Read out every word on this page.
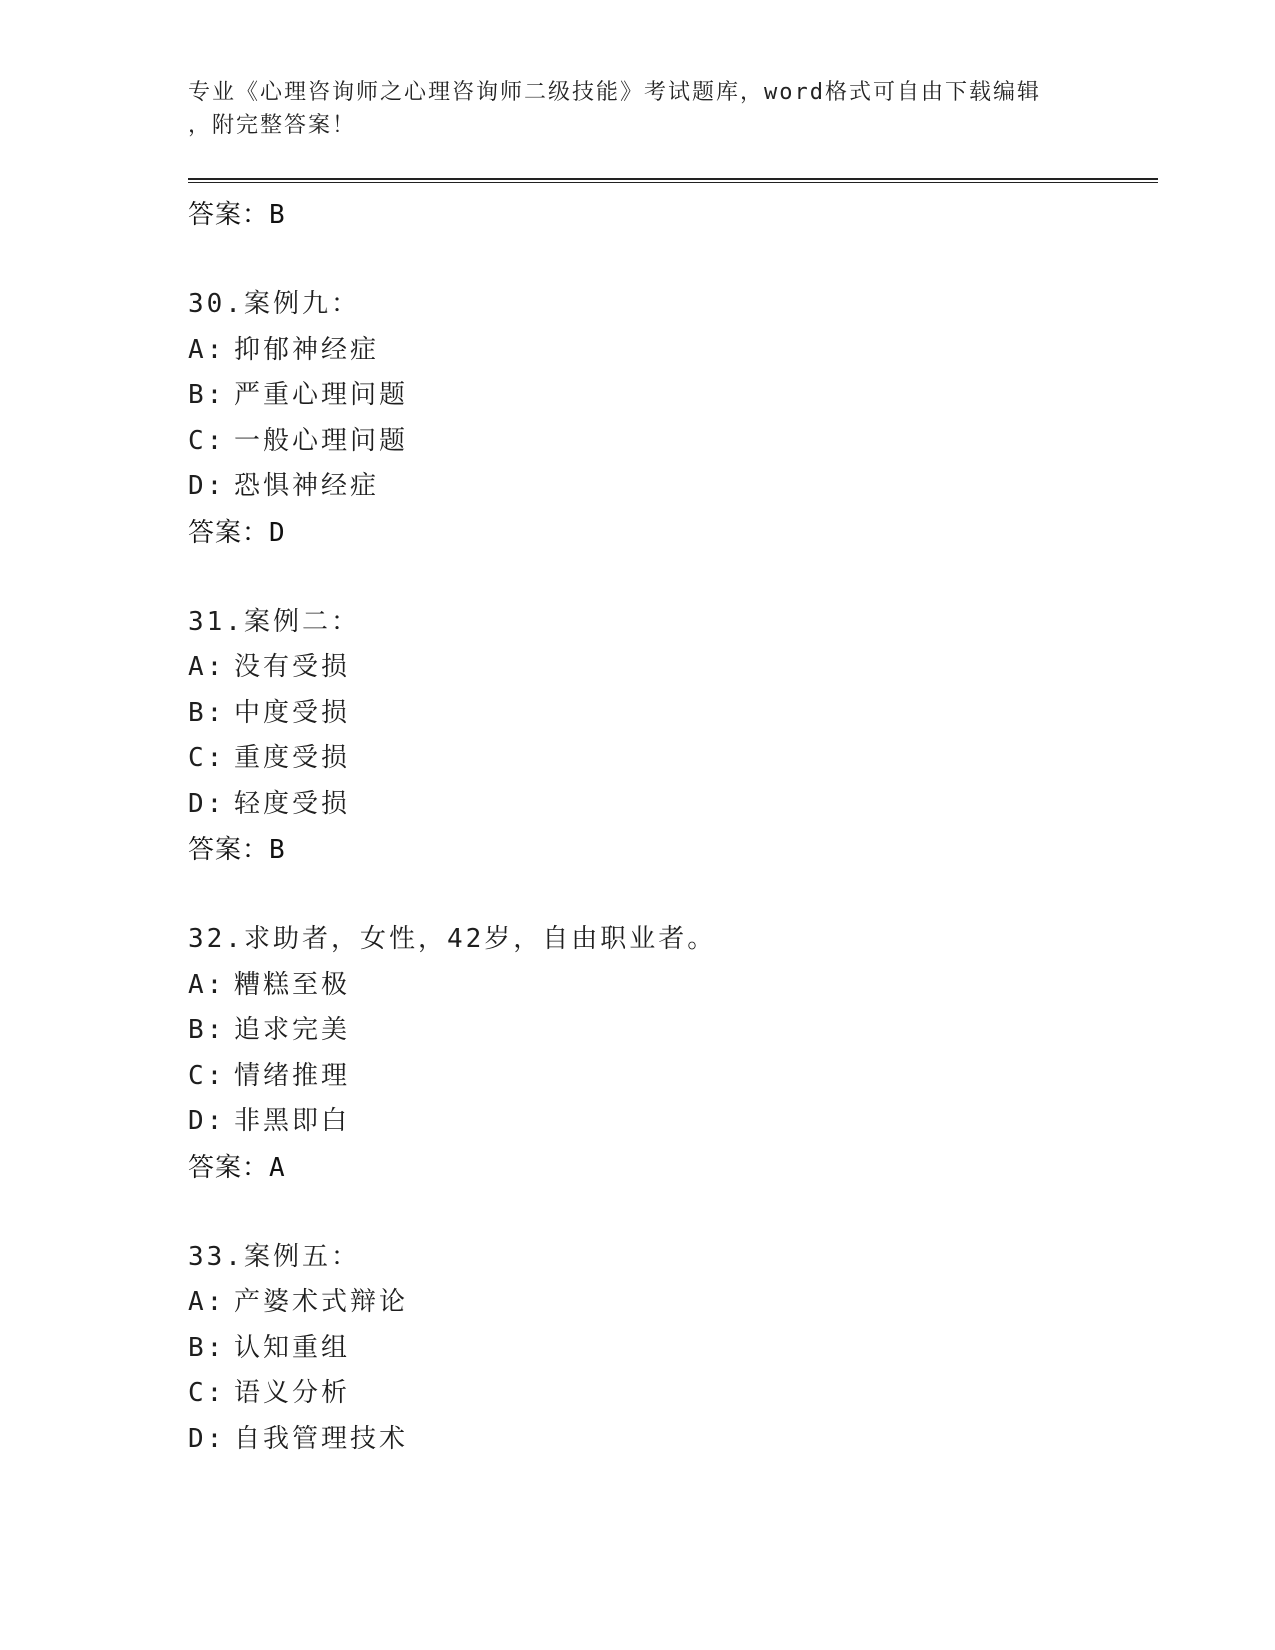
专业《心理咨询师之心理咨询师二级技能》考试题库，word格式可自由下载编辑
，附完整答案！
答案：B
30.案例九：
A: 抑郁神经症
B: 严重心理问题
C: 一般心理问题
D: 恐惧神经症
答案：D
31.案例二：
A: 没有受损
B: 中度受损
C: 重度受损
D: 轻度受损
答案：B
32.求助者，女性，42岁，自由职业者。
A: 糟糕至极
B: 追求完美
C: 情绪推理
D: 非黑即白
答案：A
33.案例五：
A: 产婆术式辩论
B: 认知重组
C: 语义分析
D: 自我管理技术
